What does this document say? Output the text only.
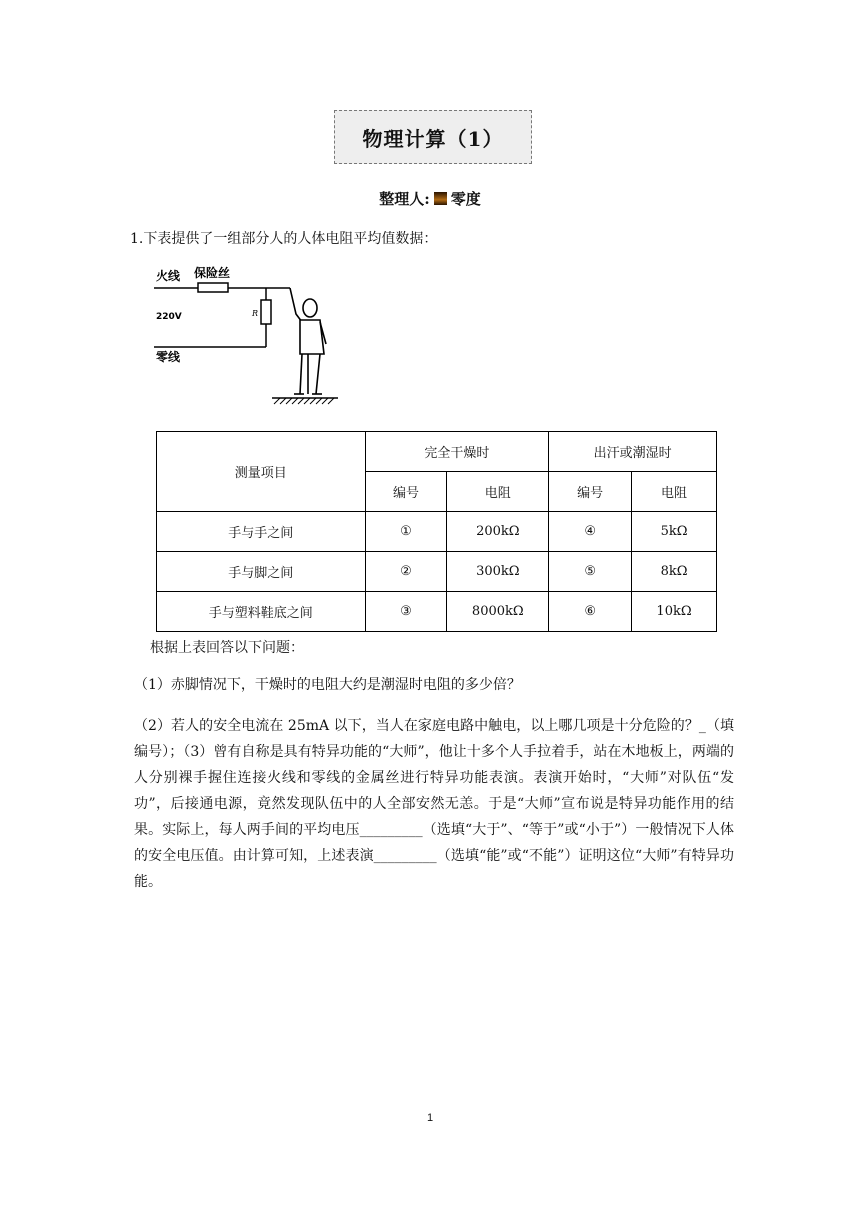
物理计算（1）
整理人: 零度
1.下表提供了一组部分人的人体电阻平均值数据：
火线 保险丝
220V	R
零线
测量项目	完全干燥时		出汗或潮湿时	
	编号	电阻	编号	电阻
手与手之间	①	200kΩ	④	5kΩ
手与脚之间	②	300kΩ	⑤	8kΩ
手与塑料鞋底之间	③	8000kΩ	⑥	10kΩ
根据上表回答以下问题：
（1）赤脚情况下，干燥时的电阻大约是潮湿时电阻的多少倍？
（2）若人的安全电流在 25mA 以下，当人在家庭电路中触电，以上哪几项是十分危险的？_（填编号）；（3）曾有自称是具有特异功能的“大师”，他让十多个人手拉着手，站在木地板上，两端的人分别裸手握住连接火线和零线的金属丝进行特异功能表演。表演开始时，“大师”对队伍“发功”，后接通电源，竟然发现队伍中的人全部安然无恙。于是“大师”宣布说是特异功能作用的结果。实际上，每人两手间的平均电压_________（选填“大于”、“等于”或“小于”）一般情况下人体的安全电压值。由计算可知，上述表演_________（选填“能”或“不能”）证明这位“大师”有特异功能。
1
